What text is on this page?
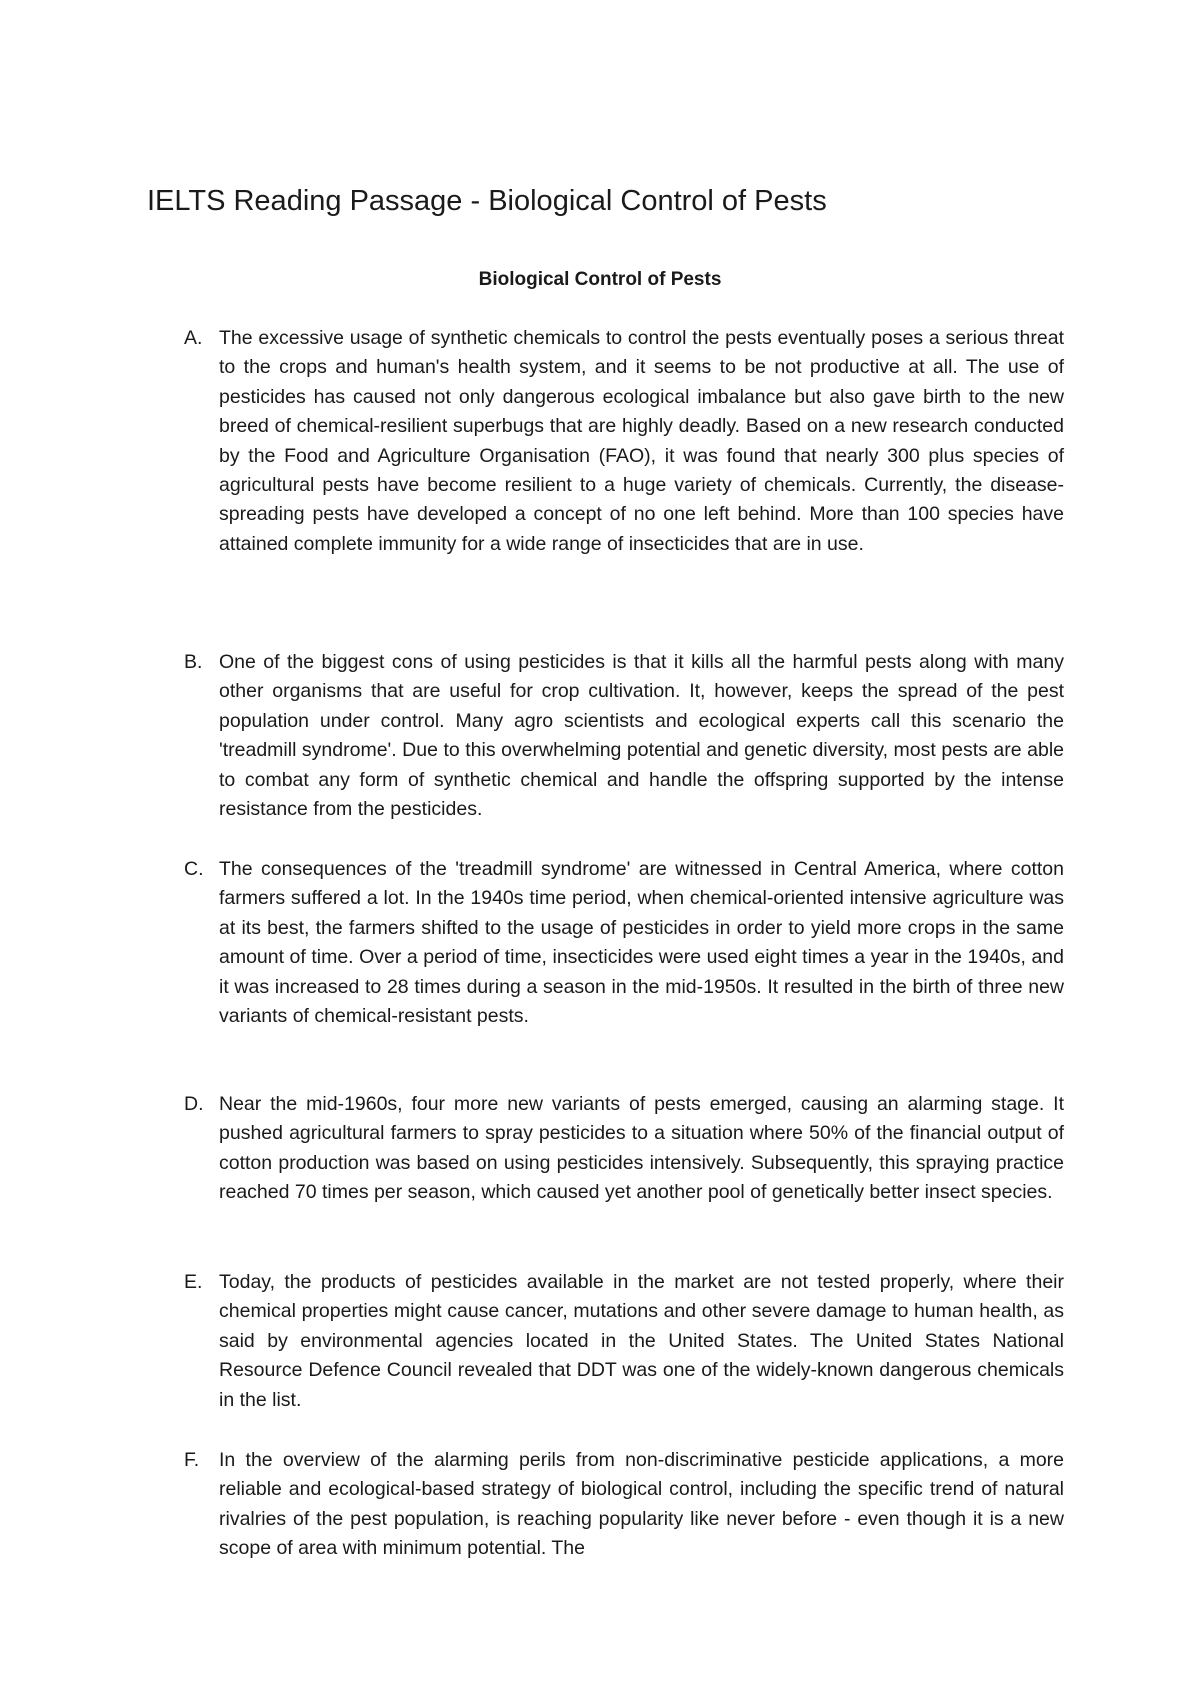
IELTS Reading Passage - Biological Control of Pests
Biological Control of Pests
A. The excessive usage of synthetic chemicals to control the pests eventually poses a serious threat to the crops and human's health system, and it seems to be not productive at all. The use of pesticides has caused not only dangerous ecological imbalance but also gave birth to the new breed of chemical-resilient superbugs that are highly deadly. Based on a new research conducted by the Food and Agriculture Organisation (FAO), it was found that nearly 300 plus species of agricultural pests have become resilient to a huge variety of chemicals. Currently, the disease-spreading pests have developed a concept of no one left behind. More than 100 species have attained complete immunity for a wide range of insecticides that are in use.
B. One of the biggest cons of using pesticides is that it kills all the harmful pests along with many other organisms that are useful for crop cultivation. It, however, keeps the spread of the pest population under control. Many agro scientists and ecological experts call this scenario the 'treadmill syndrome'. Due to this overwhelming potential and genetic diversity, most pests are able to combat any form of synthetic chemical and handle the offspring supported by the intense resistance from the pesticides.
C. The consequences of the 'treadmill syndrome' are witnessed in Central America, where cotton farmers suffered a lot. In the 1940s time period, when chemical-oriented intensive agriculture was at its best, the farmers shifted to the usage of pesticides in order to yield more crops in the same amount of time. Over a period of time, insecticides were used eight times a year in the 1940s, and it was increased to 28 times during a season in the mid-1950s. It resulted in the birth of three new variants of chemical-resistant pests.
D. Near the mid-1960s, four more new variants of pests emerged, causing an alarming stage. It pushed agricultural farmers to spray pesticides to a situation where 50% of the financial output of cotton production was based on using pesticides intensively. Subsequently, this spraying practice reached 70 times per season, which caused yet another pool of genetically better insect species.
E. Today, the products of pesticides available in the market are not tested properly, where their chemical properties might cause cancer, mutations and other severe damage to human health, as said by environmental agencies located in the United States. The United States National Resource Defence Council revealed that DDT was one of the widely-known dangerous chemicals in the list.
F.	In the overview of the alarming perils from non-discriminative pesticide applications, a more reliable and ecological-based strategy of biological control, including the specific trend of natural rivalries of the pest population, is reaching popularity like never before - even though it is a new scope of area with minimum potential. The
